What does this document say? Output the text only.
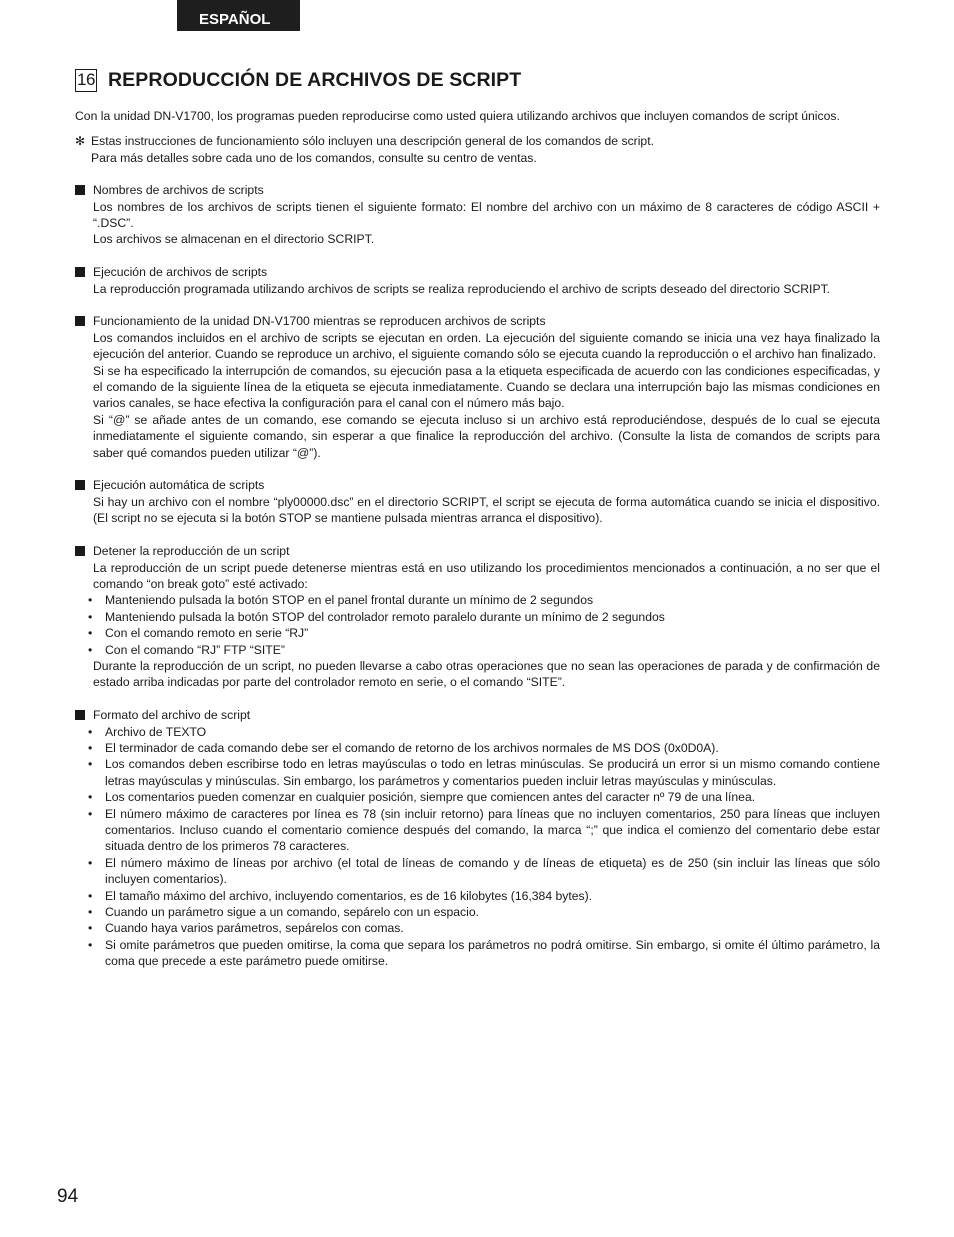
ESPAÑOL
16 REPRODUCCIÓN DE ARCHIVOS DE SCRIPT

Con la unidad DN-V1700, los programas pueden reproducirse como usted quiera utilizando archivos que incluyen comandos de script únicos.

✻ Estas instrucciones de funcionamiento sólo incluyen una descripción general de los comandos de script.

Para más detalles sobre cada uno de los comandos, consulte su centro de ventas.

Nombres de archivos de scripts

Los nombres de los archivos de scripts tienen el siguiente formato: El nombre del archivo con un máximo de 8 caracteres de código ASCII + “.DSC”.

Los archivos se almacenan en el directorio SCRIPT.

Ejecución de archivos de scripts

La reproducción programada utilizando archivos de scripts se realiza reproduciendo el archivo de scripts deseado del directorio SCRIPT.

Funcionamiento de la unidad DN-V1700 mientras se reproducen archivos de scripts

Los comandos incluidos en el archivo de scripts se ejecutan en orden. La ejecución del siguiente comando se inicia una vez haya finalizado la ejecución del anterior. Cuando se reproduce un archivo, el siguiente comando sólo se ejecuta cuando la reproducción o el archivo han finalizado.

Si se ha especificado la interrupción de comandos, su ejecución pasa a la etiqueta especificada de acuerdo con las condiciones especificadas, y el comando de la siguiente línea de la etiqueta se ejecuta inmediatamente. Cuando se declara una interrupción bajo las mismas condiciones en varios canales, se hace efectiva la configuración para el canal con el número más bajo.

Si “@” se añade antes de un comando, ese comando se ejecuta incluso si un archivo está reproduciéndose, después de lo cual se ejecuta inmediatamente el siguiente comando, sin esperar a que finalice la reproducción del archivo. (Consulte la lista de comandos de scripts para saber qué comandos pueden utilizar “@”).

Ejecución automática de scripts

Si hay un archivo con el nombre “ply00000.dsc” en el directorio SCRIPT, el script se ejecuta de forma automática cuando se inicia el dispositivo. (El script no se ejecuta si la botón STOP se mantiene pulsada mientras arranca el dispositivo).

Detener la reproducción de un script

La reproducción de un script puede detenerse mientras está en uso utilizando los procedimientos mencionados a continuación, a no ser que el comando “on break goto” esté activado:

• Manteniendo pulsada la botón STOP en el panel frontal durante un mínimo de 2 segundos
• Manteniendo pulsada la botón STOP del controlador remoto paralelo durante un mínimo de 2 segundos
• Con el comando remoto en serie “RJ”
• Con el comando “RJ” FTP “SITE”

Durante la reproducción de un script, no pueden llevarse a cabo otras operaciones que no sean las operaciones de parada y de confirmación de estado arriba indicadas por parte del controlador remoto en serie, o el comando “SITE”.

Formato del archivo de script
• Archivo de TEXTO
• El terminador de cada comando debe ser el comando de retorno de los archivos normales de MS DOS (0x0D0A).
• Los comandos deben escribirse todo en letras mayúsculas o todo en letras minúsculas. Se producirá un error si un mismo comando contiene letras mayúsculas y minúsculas. Sin embargo, los parámetros y comentarios pueden incluir letras mayúsculas y minúsculas.
• Los comentarios pueden comenzar en cualquier posición, siempre que comiencen antes del caracter nº 79 de una línea.
• El número máximo de caracteres por línea es 78 (sin incluir retorno) para líneas que no incluyen comentarios, 250 para líneas que incluyen comentarios. Incluso cuando el comentario comience después del comando, la marca “;” que indica el comienzo del comentario debe estar situada dentro de los primeros 78 caracteres.
• El número máximo de líneas por archivo (el total de líneas de comando y de líneas de etiqueta) es de 250 (sin incluir las líneas que sólo incluyen comentarios).
• El tamaño máximo del archivo, incluyendo comentarios, es de 16 kilobytes (16,384 bytes).
• Cuando un parámetro sigue a un comando, sepárelo con un espacio.
• Cuando haya varios parámetros, sepárelos con comas.
• Si omite parámetros que pueden omitirse, la coma que separa los parámetros no podrá omitirse. Sin embargo, si omite él último parámetro, la coma que precede a este parámetro puede omitirse.
94
